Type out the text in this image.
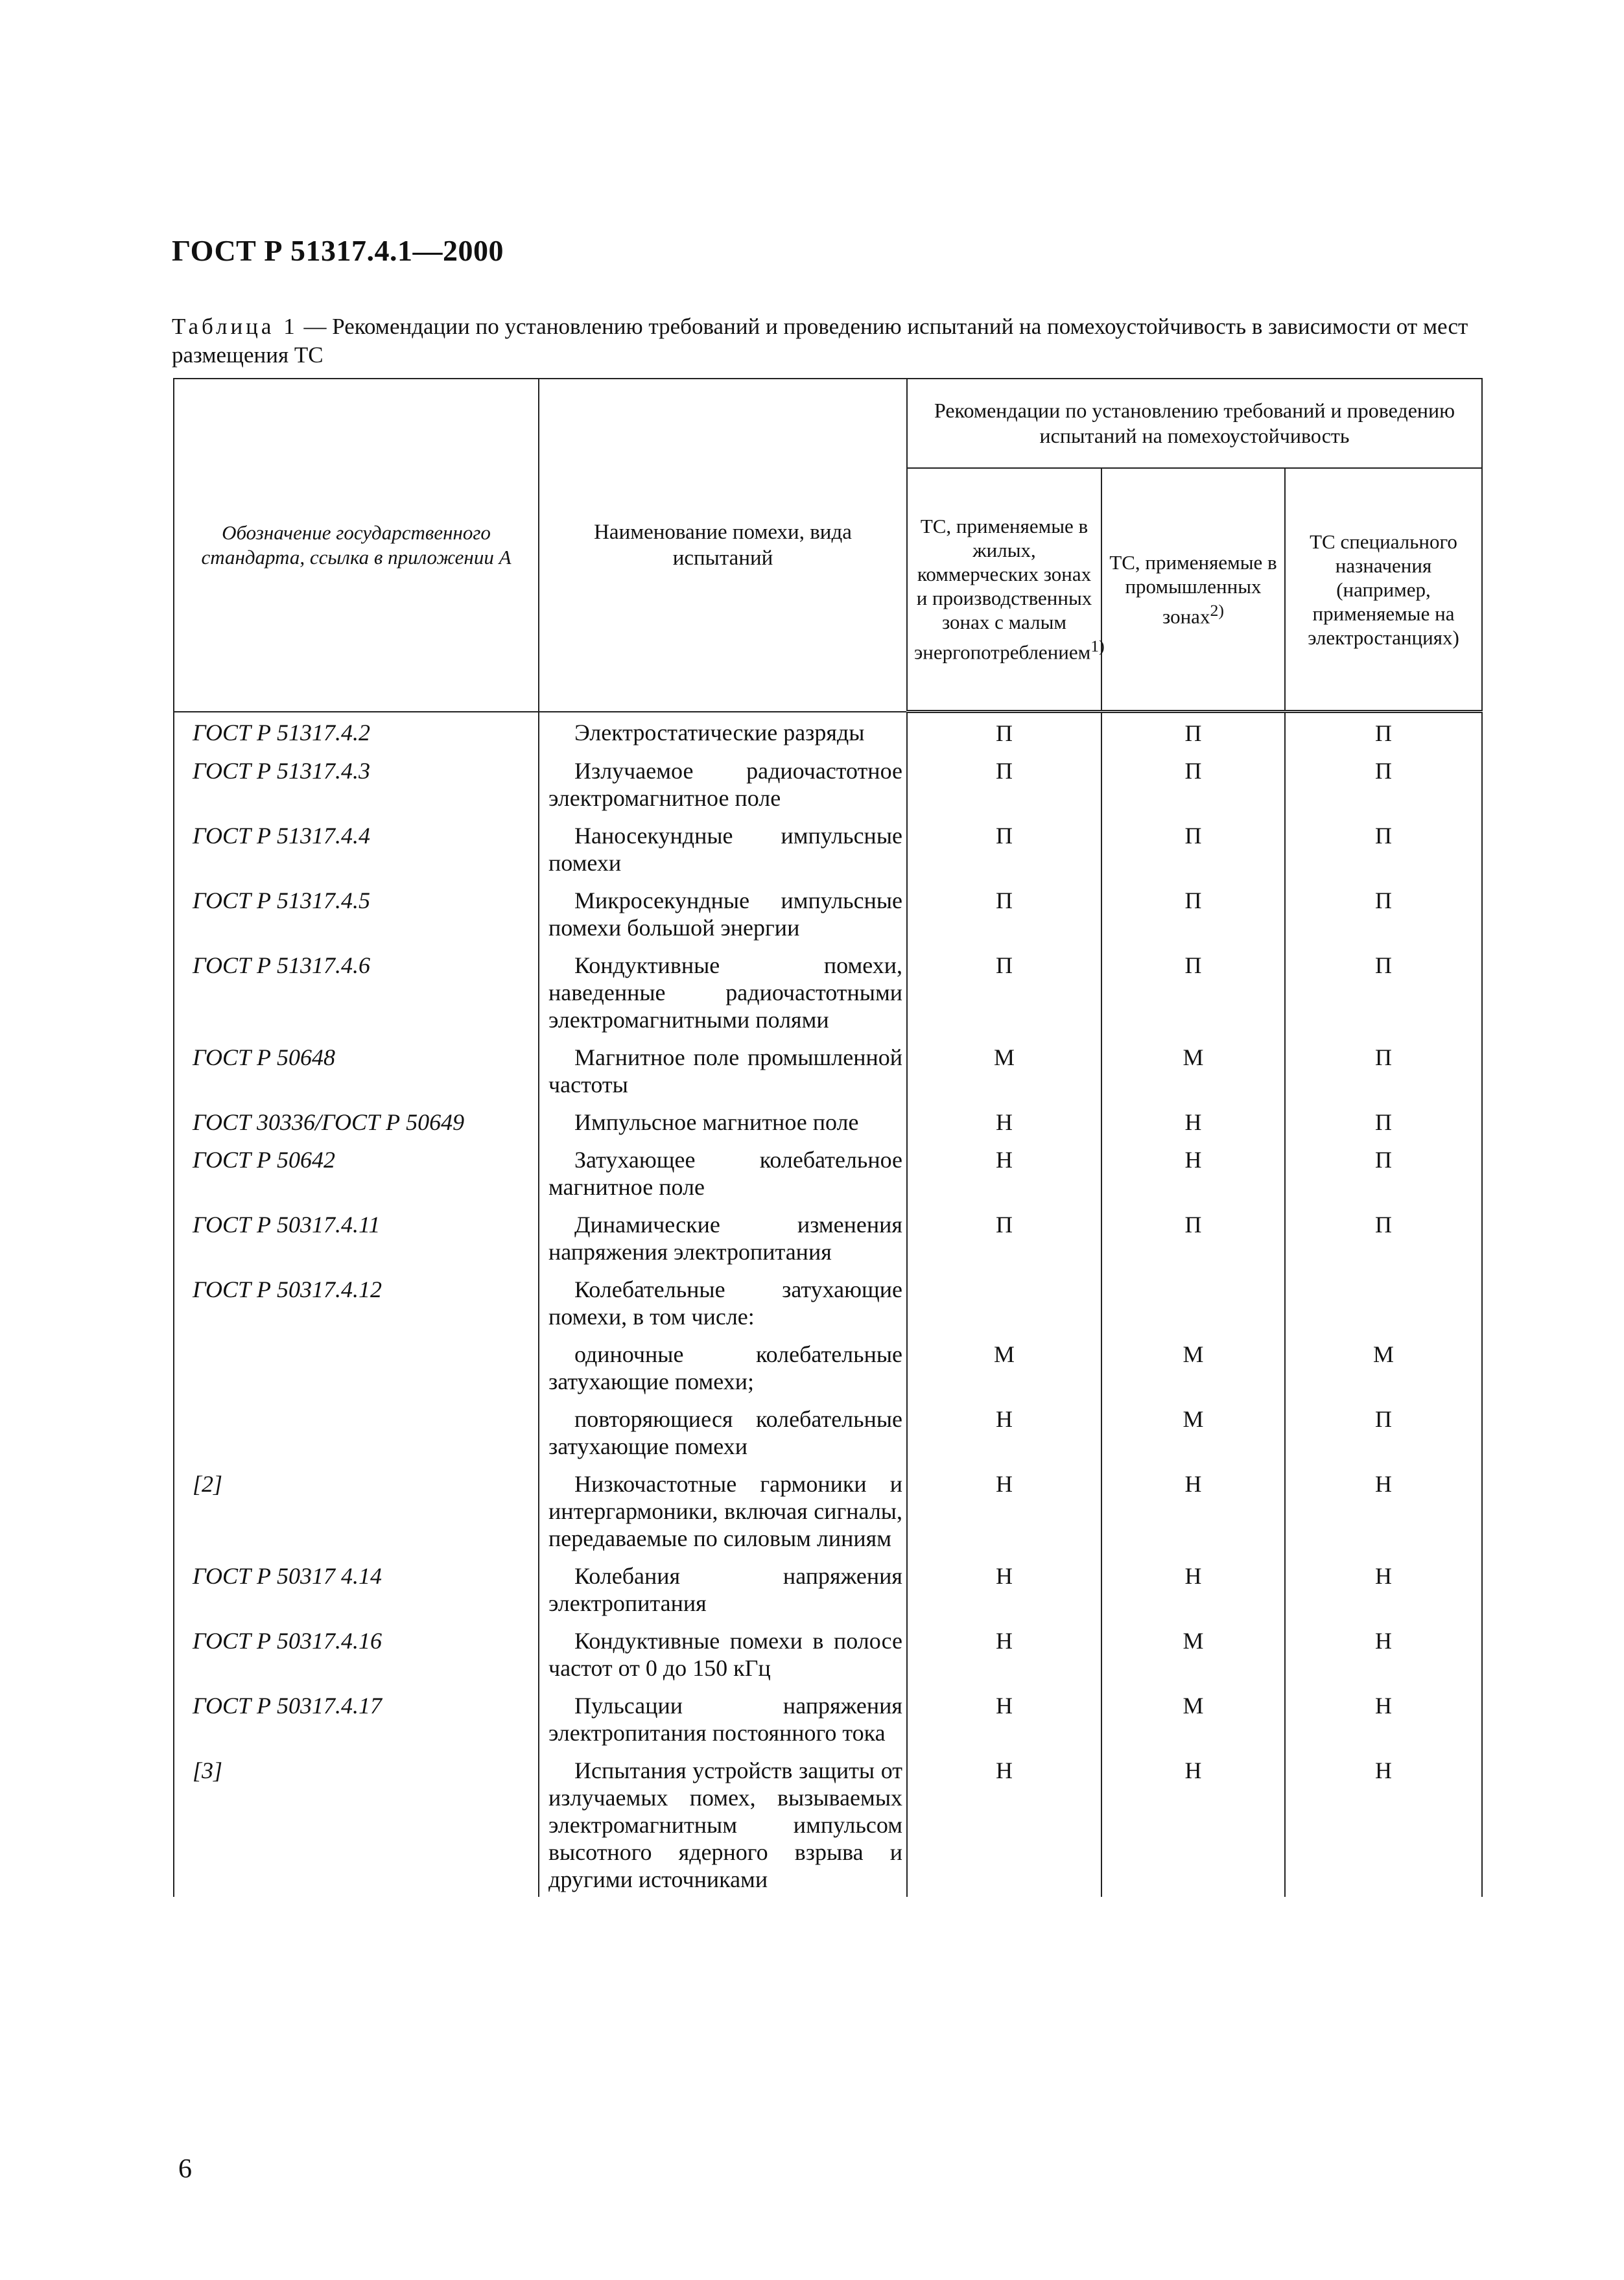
ГОСТ Р 51317.4.1—2000
Таблица 1 — Рекомендации по установлению требований и проведению испытаний на помехоустойчивость в зависимости от мест размещения ТС
Обозначение государственного стандарта, ссылка в приложении А	Наименование помехи, вида испытаний	Рекомендации по установлению требований и проведению испытаний на помехоустойчивость		
		ТС, применяемые в жилых, коммерческих зонах и производственных зонах с малым энергопотреблением$^{1)}$	ТС, применяемые в промышленных зонах$^{2)}$	ТС специального назначения (например, применяемые на электростанциях)
ГОСТ Р 51317.4.2	Электростатические разряды	П	П	П
ГОСТ Р 51317.4.3	Излучаемое радиочастотное электромагнитное поле	П	П	П
ГОСТ Р 51317.4.4	Наносекундные импульсные помехи	П	П	П
ГОСТ Р 51317.4.5	Микросекундные импульсные помехи большой энергии	П	П	П
ГОСТ Р 51317.4.6	Кондуктивные помехи, наведенные радиочастотными электромагнитными полями	П	П	П
ГОСТ Р 50648	Магнитное поле промышленной частоты	М	М	П
ГОСТ 30336/ГОСТ Р 50649	Импульсное магнитное поле	Н	Н	П
ГОСТ Р 50642	Затухающее колебательное магнитное поле	Н	Н	П
ГОСТ Р 50317.4.11	Динамические изменения напряжения электропитания	П	П	П
ГОСТ Р 50317.4.12	Колебательные затухающие помехи, в том числе:			
	одиночные колебательные затухающие помехи;	М	М	М
	повторяющиеся колебательные затухающие помехи	Н	М	П
[2]	Низкочастотные гармоники и интергармоники, включая сигналы, передаваемые по силовым линиям	Н	Н	Н
ГОСТ Р 50317 4.14	Колебания напряжения электропитания	Н	Н	Н
ГОСТ Р 50317.4.16	Кондуктивные помехи в полосе частот от 0 до 150 кГц	Н	М	Н
ГОСТ Р 50317.4.17	Пульсации напряжения электропитания постоянного тока	Н	М	Н
[3]	Испытания устройств защиты от излучаемых помех, вызываемых электромагнитным импульсом высотного ядерного взрыва и другими источниками	Н	Н	Н
6
